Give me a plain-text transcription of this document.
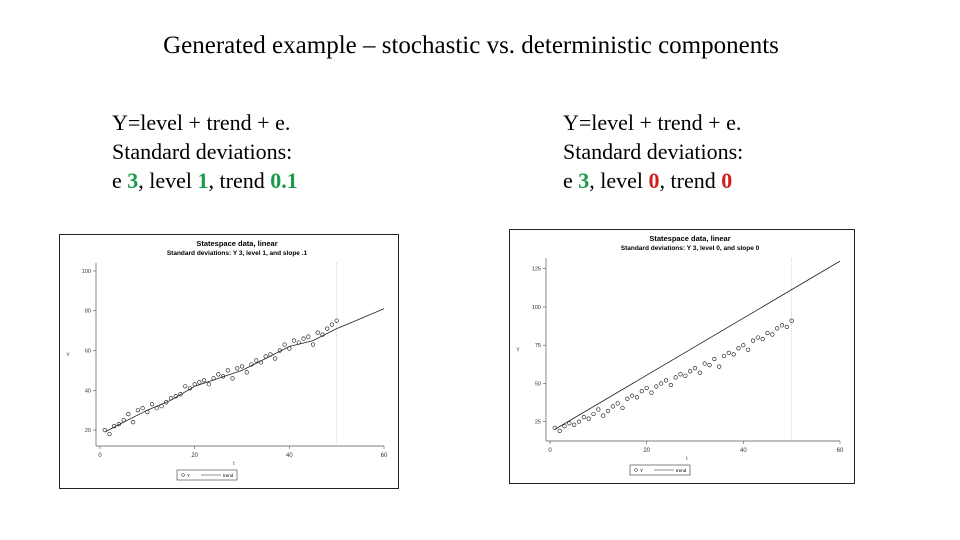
Generated example – stochastic vs. deterministic components
Y=level + trend + e.
Standard deviations:
e 3, level 1, trend 0.1
Y=level + trend + e.
Standard deviations:
e 3, level 0, trend 0
Statespace data, linear
Standard deviations: Y 3, level 1, and slope .1
20
40
60
80
100
0	20	40	60
t
Y
Y	trend
Statespace data, linear
Standard deviations: Y 3, level 0, and slope 0
25
50
75
100
125
0	20	40	60
t
Y
Y	trend
